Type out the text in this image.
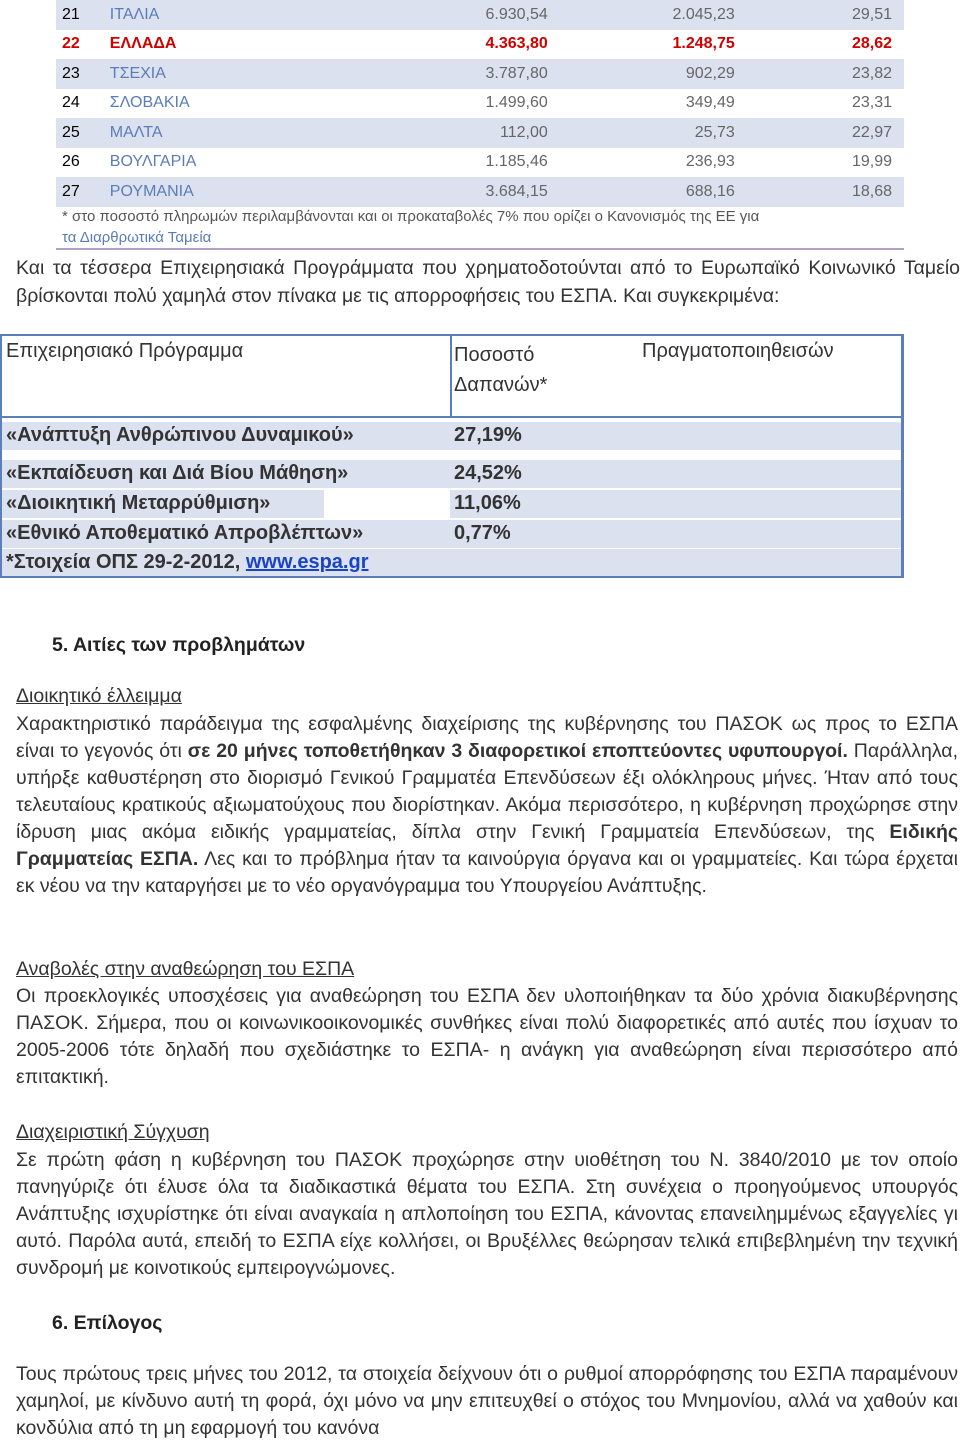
21	ΙΤΑΛΙΑ	6.930,54	2.045,23	29,51
22	ΕΛΛΑΔΑ	4.363,80	1.248,75	28,62
23	ΤΣΕΧΙΑ	3.787,80	902,29	23,82
24	ΣΛΟΒΑΚΙΑ	1.499,60	349,49	23,31
25	ΜΑΛΤΑ	112,00	25,73	22,97
26	ΒΟΥΛΓΑΡΙΑ	1.185,46	236,93	19,99
27	ΡΟΥΜΑΝΙΑ	3.684,15	688,16	18,68
* στο ποσοστό πληρωμών περιλαμβάνονται και οι προκαταβολές 7% που ορίζει ο Κανονισμός της ΕΕ για
τα Διαρθρωτικά Ταμεία
Και τα τέσσερα Επιχειρησιακά Προγράμματα που χρηματοδοτούνται από το Ευρωπαϊκό Κοινωνικό Ταμείο βρίσκονται πολύ χαμηλά στον πίνακα με τις απορροφήσεις του ΕΣΠΑ. Και συγκεκριμένα:
Επιχειρησιακό Πρόγραμμα	Ποσοστό Δαπανών*
Πραγματοποιηθεισών
«Ανάπτυξη Ανθρώπινου Δυναμικού»	27,19%
«Εκπαίδευση και Διά Βίου Μάθηση»	24,52%
«Διοικητική Μεταρρύθμιση»	11,06%
«Εθνικό Αποθεματικό Απροβλέπτων»	0,77%
*Στοιχεία ΟΠΣ 29-2-2012, www.espa.gr
5. Αιτίες των προβλημάτων
Διοικητικό έλλειμμα
Χαρακτηριστικό παράδειγμα της εσφαλμένης διαχείρισης της κυβέρνησης του ΠΑΣΟΚ ως προς το ΕΣΠΑ είναι το γεγονός ότι σε 20 μήνες τοποθετήθηκαν 3 διαφορετικοί εποπτεύοντες υφυπουργοί. Παράλληλα, υπήρξε καθυστέρηση στο διορισμό Γενικού Γραμματέα Επενδύσεων έξι ολόκληρους μήνες. Ήταν από τους τελευταίους κρατικούς αξιωματούχους που διορίστηκαν. Ακόμα περισσότερο, η κυβέρνηση προχώρησε στην ίδρυση μιας ακόμα ειδικής γραμματείας, δίπλα στην Γενική Γραμματεία Επενδύσεων, της Ειδικής Γραμματείας ΕΣΠΑ. Λες και το πρόβλημα ήταν τα καινούργια όργανα και οι γραμματείες. Και τώρα έρχεται εκ νέου να την καταργήσει με το νέο οργανόγραμμα του Υπουργείου Ανάπτυξης.
Αναβολές στην αναθεώρηση του ΕΣΠΑ
Οι προεκλογικές υποσχέσεις για αναθεώρηση του ΕΣΠΑ δεν υλοποιήθηκαν τα δύο χρόνια διακυβέρνησης ΠΑΣΟΚ. Σήμερα, που οι κοινωνικοοικονομικές συνθήκες είναι πολύ διαφορετικές από αυτές που ίσχυαν το 2005-2006 τότε δηλαδή που σχεδιάστηκε το ΕΣΠΑ- η ανάγκη για αναθεώρηση είναι περισσότερο από επιτακτική.
Διαχειριστική Σύγχυση
Σε πρώτη φάση η κυβέρνηση του ΠΑΣΟΚ προχώρησε στην υιοθέτηση του Ν. 3840/2010 με τον οποίο πανηγύριζε ότι έλυσε όλα τα διαδικαστικά θέματα του ΕΣΠΑ. Στη συνέχεια ο προηγούμενος υπουργός Ανάπτυξης ισχυρίστηκε ότι είναι αναγκαία η απλοποίηση του ΕΣΠΑ, κάνοντας επανειλημμένως εξαγγελίες γι αυτό. Παρόλα αυτά, επειδή το ΕΣΠΑ είχε κολλήσει, οι Βρυξέλλες θεώρησαν τελικά επιβεβλημένη την τεχνική συνδρομή με κοινοτικούς εμπειρογνώμονες.
6. Επίλογος
Τους πρώτους τρεις μήνες του 2012, τα στοιχεία δείχνουν ότι ο ρυθμοί απορρόφησης του ΕΣΠΑ παραμένουν χαμηλοί, με κίνδυνο αυτή τη φορά, όχι μόνο να μην επιτευχθεί ο στόχος του Μνημονίου, αλλά να χαθούν και κονδύλια από τη μη εφαρμογή του κανόνα
